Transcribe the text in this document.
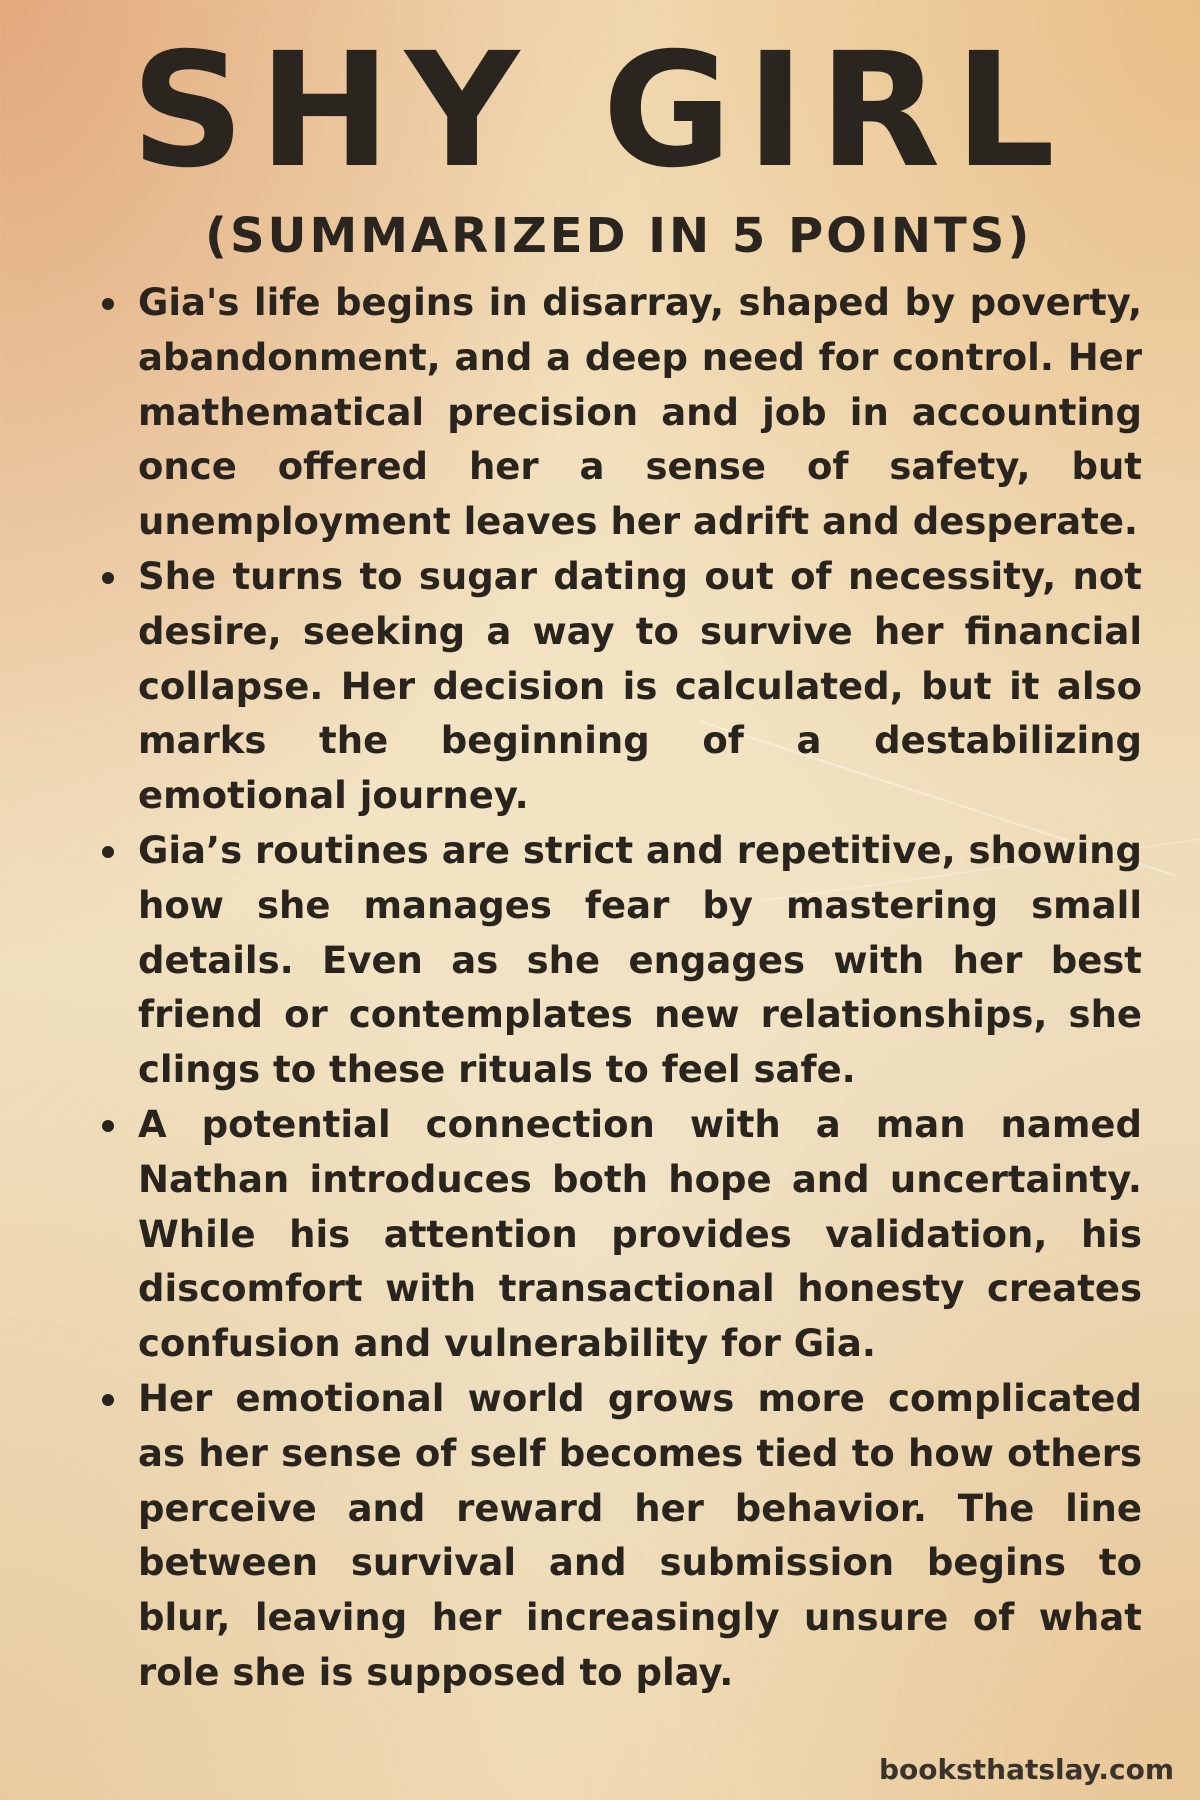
SHY GIRL
(SUMMARIZED IN 5 POINTS)
Gia's life begins in disarray, shaped by poverty, abandonment, and a deep need for control. Her mathematical precision and job in accounting once offered her a sense of safety, but unemployment leaves her adrift and desperate.
She turns to sugar dating out of necessity, not desire, seeking a way to survive her financial collapse. Her decision is calculated, but it also marks the beginning of a destabilizing emotional journey.
Gia’s routines are strict and repetitive, showing how she manages fear by mastering small details. Even as she engages with her best friend or contemplates new relationships, she clings to these rituals to feel safe.
A potential connection with a man named Nathan introduces both hope and uncertainty. While his attention provides validation, his discomfort with transactional honesty creates confusion and vulnerability for Gia.
Her emotional world grows more complicated as her sense of self becomes tied to how others perceive and reward her behavior. The line between survival and submission begins to blur, leaving her increasingly unsure of what role she is supposed to play.
booksthatslay.com
